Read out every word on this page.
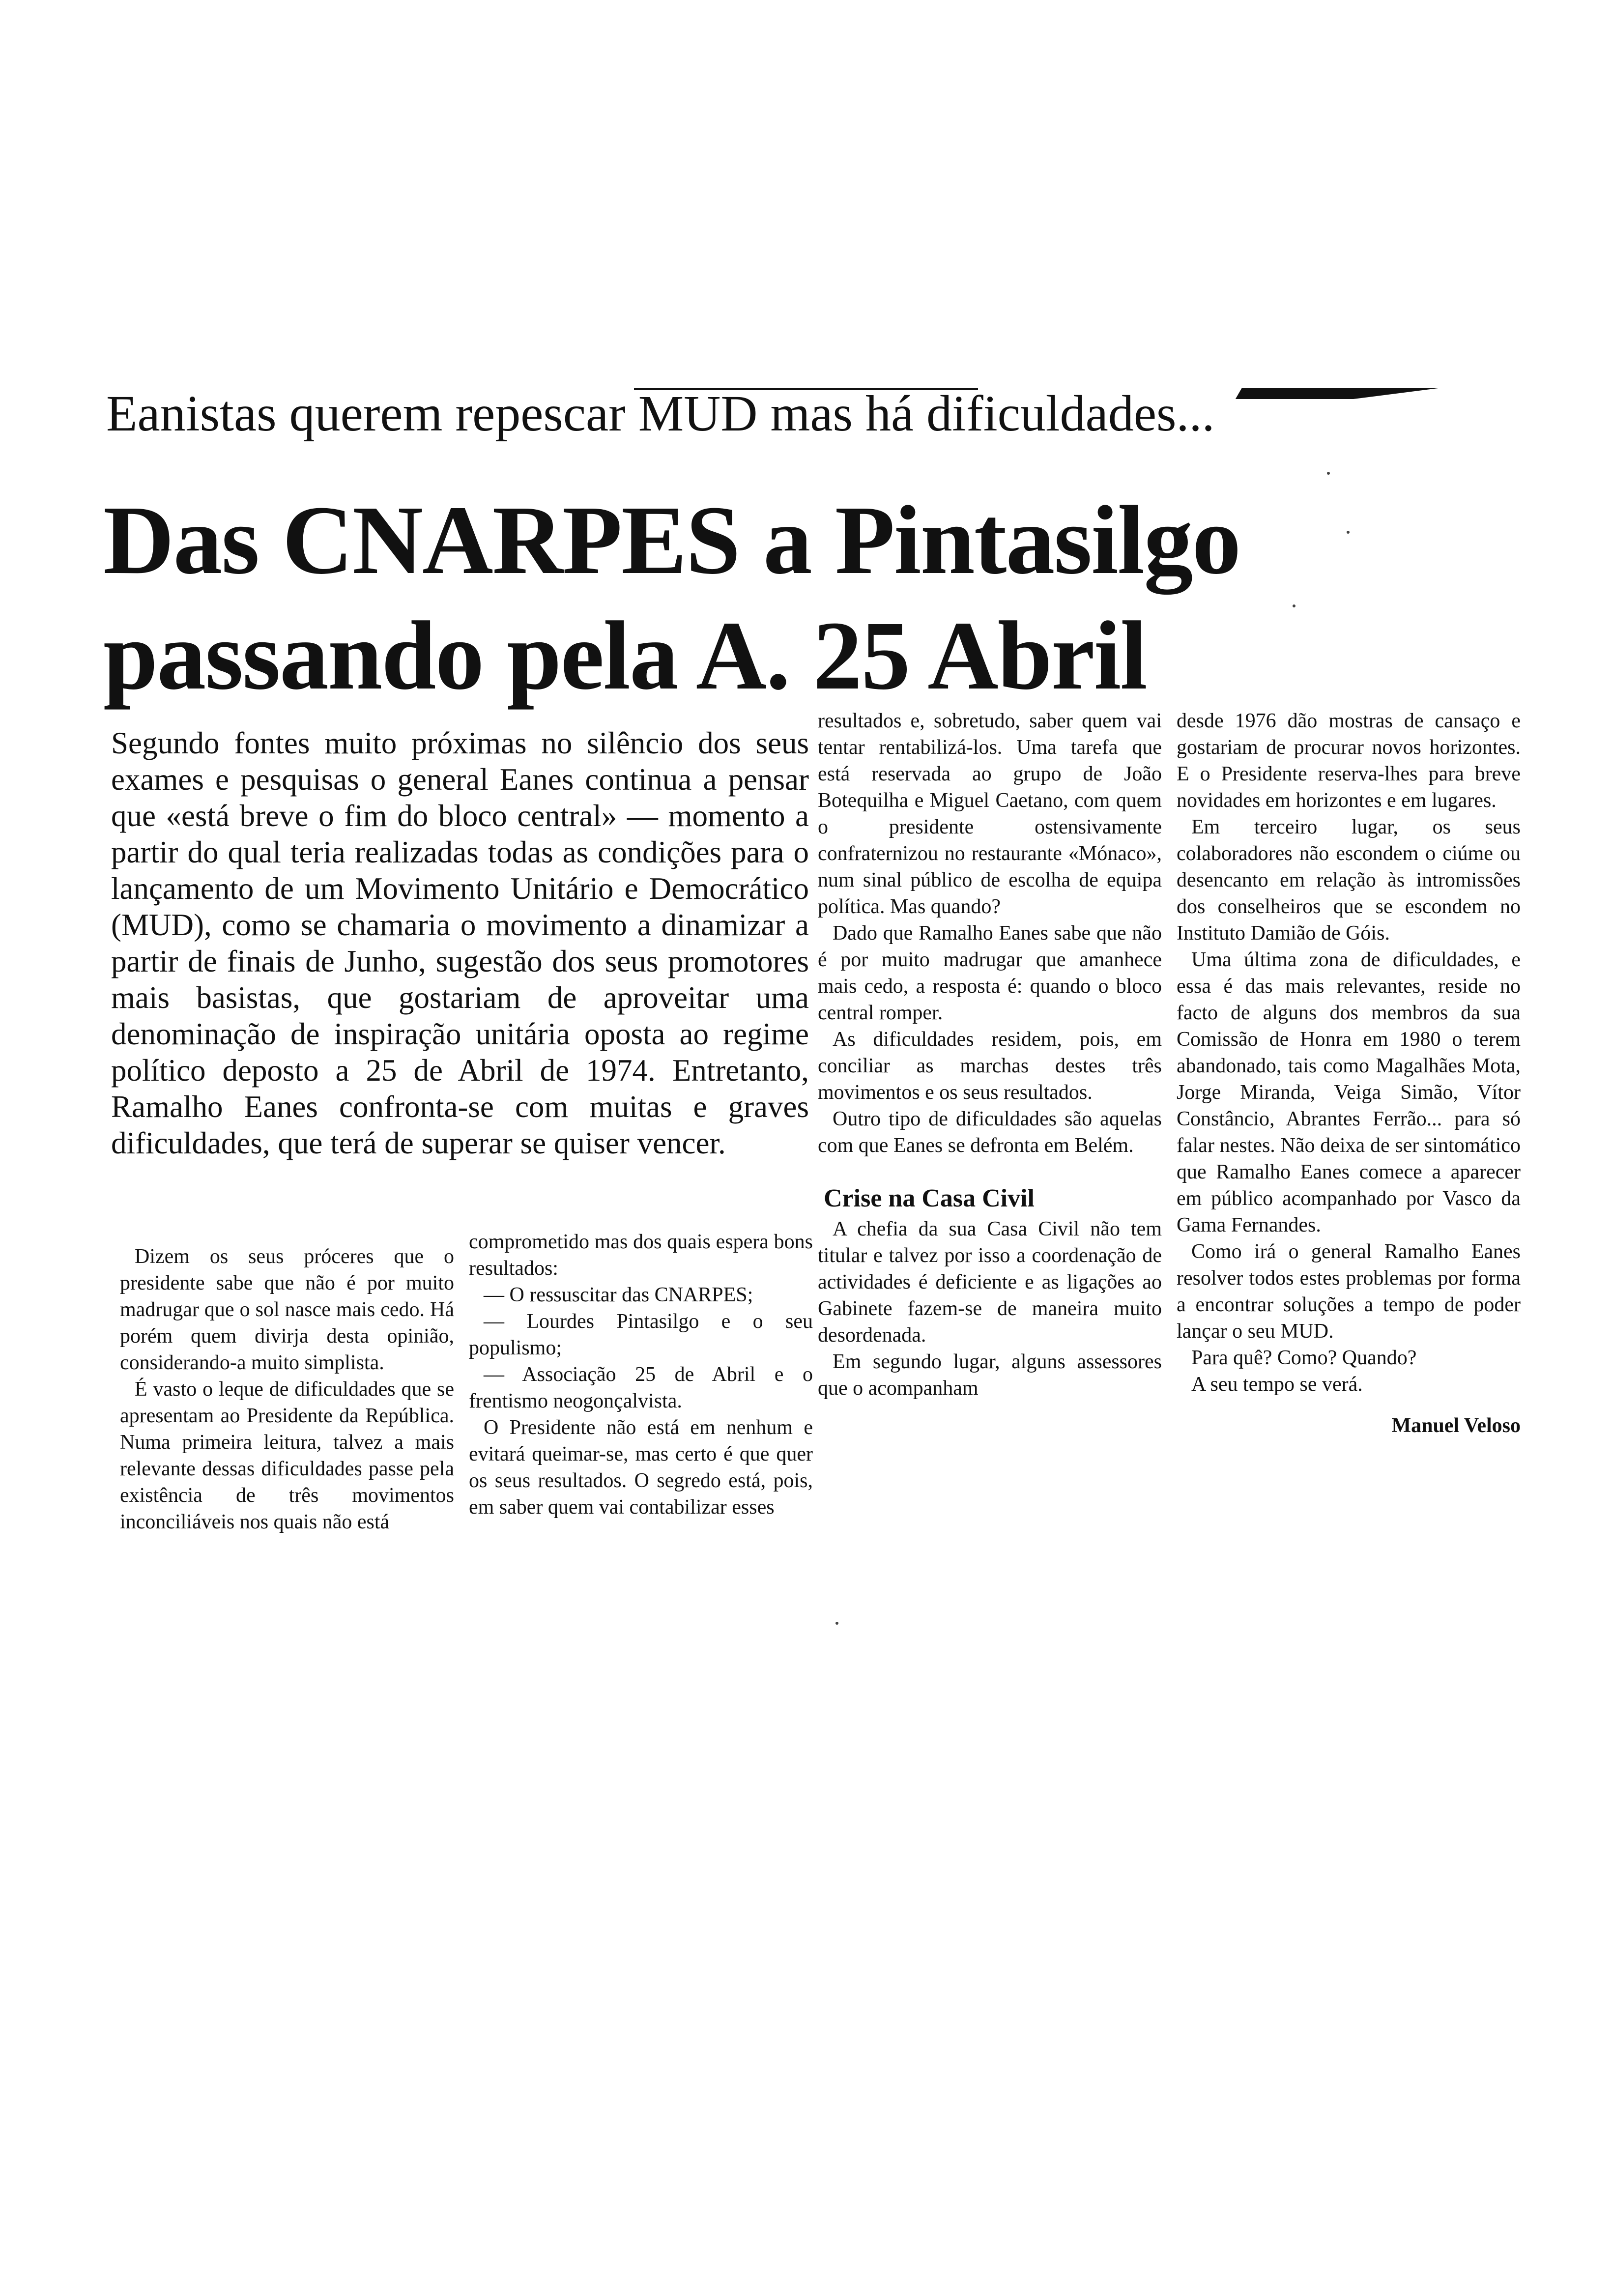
Eanistas querem repescar MUD mas há dificuldades...
Das CNARPES a Pintasilgo
passando pela A. 25 Abril
Segundo fontes muito próximas no silêncio dos seus exames e pesquisas o general Eanes continua a pensar que «está breve o fim do bloco central» — momento a partir do qual teria realizadas todas as condições para o lançamento de um Movimento Unitário e Democrático (MUD), como se chamaria o movimento a dinamizar a partir de finais de Junho, sugestão dos seus promotores mais basistas, que gostariam de aproveitar uma denominação de inspiração unitária oposta ao regime político deposto a 25 de Abril de 1974. Entretanto, Ramalho Eanes confronta-se com muitas e graves dificuldades, que terá de superar se quiser vencer.

Dizem os seus próceres que o presidente sabe que não é por muito madrugar que o sol nasce mais cedo. Há porém quem divirja desta opinião, considerando-a muito simplista.

É vasto o leque de dificuldades que se apresentam ao Presidente da República. Numa primeira leitura, talvez a mais relevante dessas dificuldades passe pela existência de três movimentos inconciliáveis nos quais não está

comprometido mas dos quais espera bons resultados:

— O ressuscitar das CNARPES;

— Lourdes Pintasilgo e o seu populismo;

— Associação 25 de Abril e o frentismo neogonçalvista.

O Presidente não está em nenhum e evitará queimar-se, mas certo é que quer os seus resultados. O segredo está, pois, em saber quem vai contabilizar esses

resultados e, sobretudo, saber quem vai tentar rentabilizá-los. Uma tarefa que está reservada ao grupo de João Botequilha e Miguel Caetano, com quem o presidente ostensivamente confraternizou no restaurante «Mónaco», num sinal público de escolha de equipa política. Mas quando?

Dado que Ramalho Eanes sabe que não é por muito madrugar que amanhece mais cedo, a resposta é: quando o bloco central romper.

As dificuldades residem, pois, em conciliar as marchas destes três movimentos e os seus resultados.

Outro tipo de dificuldades são aquelas com que Eanes se defronta em Belém.

Crise na Casa Civil

A chefia da sua Casa Civil não tem titular e talvez por isso a coordenação de actividades é deficiente e as ligações ao Gabinete fazem-se de maneira muito desordenada.

Em segundo lugar, alguns assessores que o acompanham

desde 1976 dão mostras de cansaço e gostariam de procurar novos horizontes. E o Presidente reserva-lhes para breve novidades em horizontes e em lugares.

Em terceiro lugar, os seus colaboradores não escondem o ciúme ou desencanto em relação às intromissões dos conselheiros que se escondem no Instituto Damião de Góis.

Uma última zona de dificuldades, e essa é das mais relevantes, reside no facto de alguns dos membros da sua Comissão de Honra em 1980 o terem abandonado, tais como Magalhães Mota, Jorge Miranda, Veiga Simão, Vítor Constâncio, Abrantes Ferrão... para só falar nestes. Não deixa de ser sintomático que Ramalho Eanes comece a aparecer em público acompanhado por Vasco da Gama Fernandes.

Como irá o general Ramalho Eanes resolver todos estes problemas por forma a encontrar soluções a tempo de poder lançar o seu MUD.

Para quê? Como? Quando?

A seu tempo se verá.

Manuel Veloso
